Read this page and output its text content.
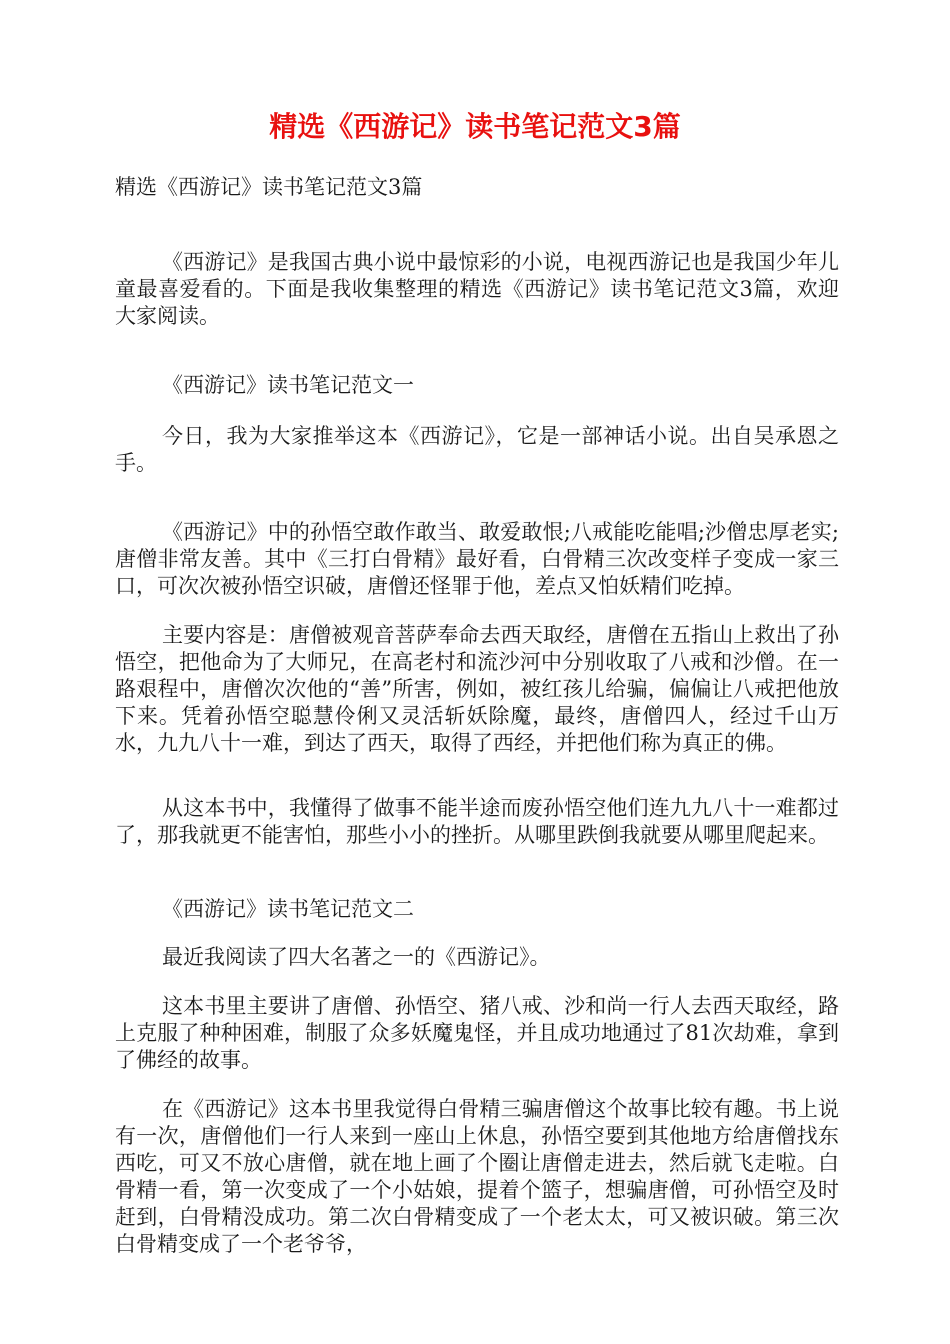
精选《西游记》读书笔记范文3篇

精选《西游记》读书笔记范文3篇

《西游记》是我国古典小说中最惊彩的小说，电视西游记也是我国少年儿童最喜爱看的。下面是我收集整理的精选《西游记》读书笔记范文3篇，欢迎大家阅读。

《西游记》读书笔记范文一

今日，我为大家推举这本《西游记》，它是一部神话小说。出自吴承恩之手。

《西游记》中的孙悟空敢作敢当、敢爱敢恨;八戒能吃能唱;沙僧忠厚老实;唐僧非常友善。其中《三打白骨精》最好看，白骨精三次改变样子变成一家三口，可次次被孙悟空识破，唐僧还怪罪于他，差点又怕妖精们吃掉。

主要内容是：唐僧被观音菩萨奉命去西天取经，唐僧在五指山上救出了孙悟空，把他命为了大师兄，在高老村和流沙河中分别收取了八戒和沙僧。在一路艰程中，唐僧次次他的“善”所害，例如，被红孩儿给骗，偏偏让八戒把他放下来。凭着孙悟空聪慧伶俐又灵活斩妖除魔，最终，唐僧四人，经过千山万水，九九八十一难，到达了西天，取得了西经，并把他们称为真正的佛。

从这本书中，我懂得了做事不能半途而废孙悟空他们连九九八十一难都过了，那我就更不能害怕，那些小小的挫折。从哪里跌倒我就要从哪里爬起来。

《西游记》读书笔记范文二

最近我阅读了四大名著之一的《西游记》。

这本书里主要讲了唐僧、孙悟空、猪八戒、沙和尚一行人去西天取经，路上克服了种种困难，制服了众多妖魔鬼怪，并且成功地通过了81次劫难，拿到了佛经的故事。

在《西游记》这本书里我觉得白骨精三骗唐僧这个故事比较有趣。书上说有一次，唐僧他们一行人来到一座山上休息，孙悟空要到其他地方给唐僧找东西吃，可又不放心唐僧，就在地上画了个圈让唐僧走进去，然后就飞走啦。白骨精一看，第一次变成了一个小姑娘，提着个篮子，想骗唐僧，可孙悟空及时赶到，白骨精没成功。第二次白骨精变成了一个老太太，可又被识破。第三次白骨精变成了一个老爷爷，
